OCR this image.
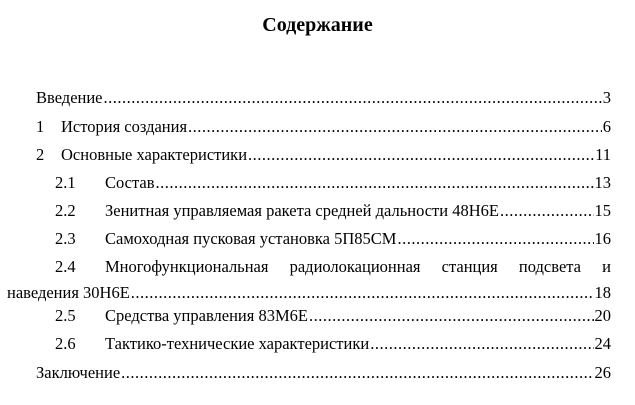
Содержание
Введение .....	3
1	История создания .....	6
2	Основные характеристики .....	11
2.1	Состав .....	13
2.2	Зенитная управляемая ракета средней дальности 48Н6Е .....	15
2.3	Самоходная пусковая установка 5П85СМ .....	16
2.4	Многофункциональная радиолокационная станция подсвета и
наведения 30Н6Е .....	18
2.5	Средства управления 83М6Е .....	20
2.6	Тактико-технические характеристики .....	24
Заключение .....	26
